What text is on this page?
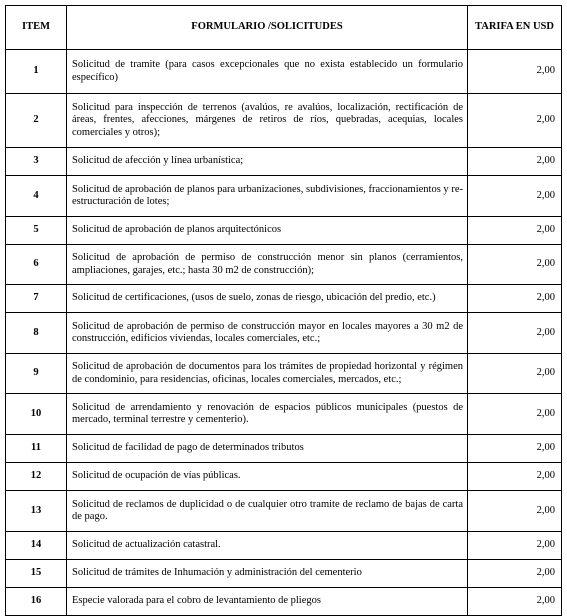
ITEM	FORMULARIO /SOLICITUDES	TARIFA EN USD
1	Solicitud de tramite (para casos excepcionales que no exista establecido un formulario específico)	2,00
2	Solicitud para inspección de terrenos (avalúos, re avalúos, localización, rectificación de áreas, frentes, afecciones, márgenes de retiros de ríos, quebradas, acequias, locales comerciales y otros);	2,00
3	Solicitud de afección y línea urbanística;	2,00
4	Solicitud de aprobación de planos para urbanizaciones, subdivisiones, fraccionamientos y re-estructuración de lotes;	2,00
5	Solicitud de aprobación de planos arquitectónicos	2,00
6	Solicitud de aprobación de permiso de construcción menor sin planos (cerramientos, ampliaciones, garajes, etc.; hasta 30 m2 de construcción);	2,00
7	Solicitud de certificaciones, (usos de suelo, zonas de riesgo, ubicación del predio, etc.)	2,00
8	Solicitud de aprobación de permiso de construcción mayor en locales mayores a 30 m2 de construcción, edificios viviendas, locales comerciales, etc.;	2,00
9	Solicitud de aprobación de documentos para los trámites de propiedad horizontal y régimen de condominio, para residencias, oficinas, locales comerciales, mercados, etc.;	2,00
10	Solicitud de arrendamiento y renovación de espacios públicos municipales (puestos de mercado, terminal terrestre y cementerio).	2,00
11	Solicitud de facilidad de pago de determinados tributos	2,00
12	Solicitud de ocupación de vías públicas.	2,00
13	Solicitud de reclamos de duplicidad o de cualquier otro tramite de reclamo de bajas de carta de pago.	2,00
14	Solicitud de actualización catastral.	2,00
15	Solicitud de trámites de Inhumación y administración del cementerio	2,00
16	Especie valorada para el cobro de levantamiento de pliegos	2,00
